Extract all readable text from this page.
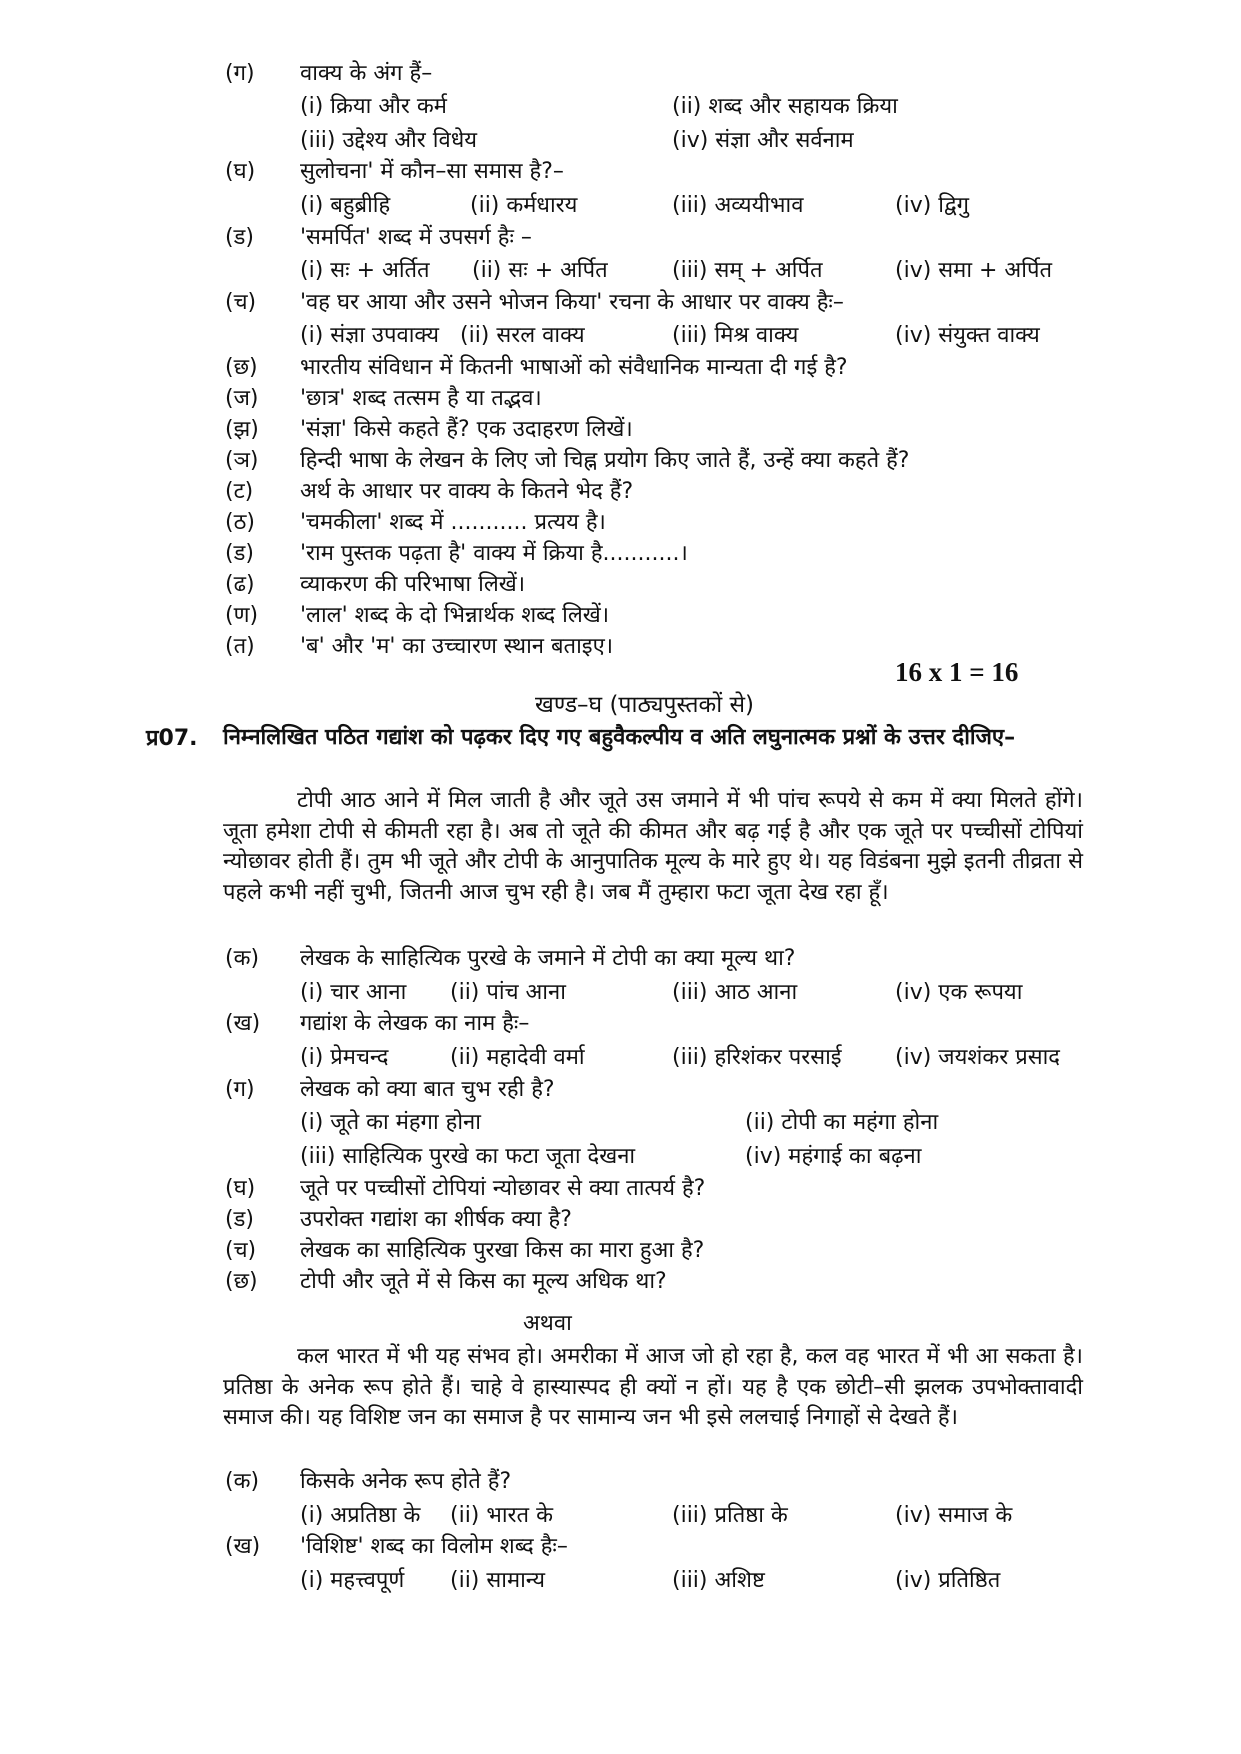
(ग) वाक्य के अंग हैं–
(i) क्रिया और कर्म	(ii) शब्द और सहायक क्रिया
(iii) उद्देश्य और विधेय	(iv) संज्ञा और सर्वनाम
(घ) सुलोचना' में कौन–सा समास है?–
(i) बहुब्रीहि	(ii) कर्मधारय	(iii) अव्ययीभाव	(iv) द्विगु
(ड) 'समर्पित' शब्द में उपसर्ग हैः –
(i) सः + अर्तित (ii) सः + अर्पित	(iii) सम् + अर्पित	(iv) समा + अर्पित
(च) 'वह घर आया और उसने भोजन किया' रचना के आधार पर वाक्य हैः–
(i) संज्ञा उपवाक्य (ii) सरल वाक्य	(iii) मिश्र वाक्य	(iv) संयुक्त वाक्य
(छ) भारतीय संविधान में कितनी भाषाओं को संवैधानिक मान्यता दी गई है?
(ज) 'छात्र' शब्द तत्सम है या तद्भव।
(झ) 'संज्ञा' किसे कहते हैं? एक उदाहरण लिखें।
(ञ) हिन्दी भाषा के लेखन के लिए जो चिह्न प्रयोग किए जाते हैं, उन्हें क्या कहते हैं?
(ट) अर्थ के आधार पर वाक्य के कितने भेद हैं?
(ठ) 'चमकीला' शब्द में ........... प्रत्यय है।
(ड) 'राम पुस्तक पढ़ता है' वाक्य में क्रिया है...........।
(ढ) व्याकरण की परिभाषा लिखें।
(ण) 'लाल' शब्द के दो भिन्नार्थक शब्द लिखें।
(त) 'ब' और 'म' का उच्चारण स्थान बताइए।
16 x 1 = 16
खण्ड–घ (पाठ्यपुस्तकों से)
प्र07. निम्नलिखित पठित गद्यांश को पढ़कर दिए गए बहुवैकल्पीय व अति लघुनात्मक प्रश्नों के उत्तर दीजिए–
टोपी आठ आने में मिल जाती है और जूते उस जमाने में भी पांच रूपये से कम में क्या मिलते होंगे। जूता हमेशा टोपी से कीमती रहा है। अब तो जूते की कीमत और बढ़ गई है और एक जूते पर पच्चीसों टोपियां न्योछावर होती हैं। तुम भी जूते और टोपी के आनुपातिक मूल्य के मारे हुए थे। यह विडंबना मुझे इतनी तीव्रता से पहले कभी नहीं चुभी, जितनी आज चुभ रही है। जब मैं तुम्हारा फटा जूता देख रहा हूँ।
(क) लेखक के साहित्यिक पुरखे के जमाने में टोपी का क्या मूल्य था?
(i) चार आना (ii) पांच आना	(iii) आठ आना	(iv) एक रूपया
(ख) गद्यांश के लेखक का नाम हैः–
(i) प्रेमचन्द	(ii) महादेवी वर्मा	(iii) हरिशंकर परसाई (iv) जयशंकर प्रसाद
(ग) लेखक को क्या बात चुभ रही है?
(i) जूते का मंहगा होना	(ii) टोपी का महंगा होना
(iii) साहित्यिक पुरखे का फटा जूता देखना	(iv) महंगाई का बढ़ना
(घ) जूते पर पच्चीसों टोपियां न्योछावर से क्या तात्पर्य है?
(ड) उपरोक्त गद्यांश का शीर्षक क्या है?
(च) लेखक का साहित्यिक पुरखा किस का मारा हुआ है?
(छ) टोपी और जूते में से किस का मूल्य अधिक था?
अथवा
कल भारत में भी यह संभव हो। अमरीका में आज जो हो रहा है, कल वह भारत में भी आ सकता है। प्रतिष्ठा के अनेक रूप होते हैं। चाहे वे हास्यास्पद ही क्यों न हों। यह है एक छोटी–सी झलक उपभोक्तावादी समाज की। यह विशिष्ट जन का समाज है पर सामान्य जन भी इसे ललचाई निगाहों से देखते हैं।
(क) किसके अनेक रूप होते हैं?
(i) अप्रतिष्ठा के (ii) भारत के	(iii) प्रतिष्ठा के	(iv) समाज के
(ख) 'विशिष्ट' शब्द का विलोम शब्द हैः–
(i) महत्त्वपूर्ण (ii) सामान्य	(iii) अशिष्ट	(iv) प्रतिष्ठित
